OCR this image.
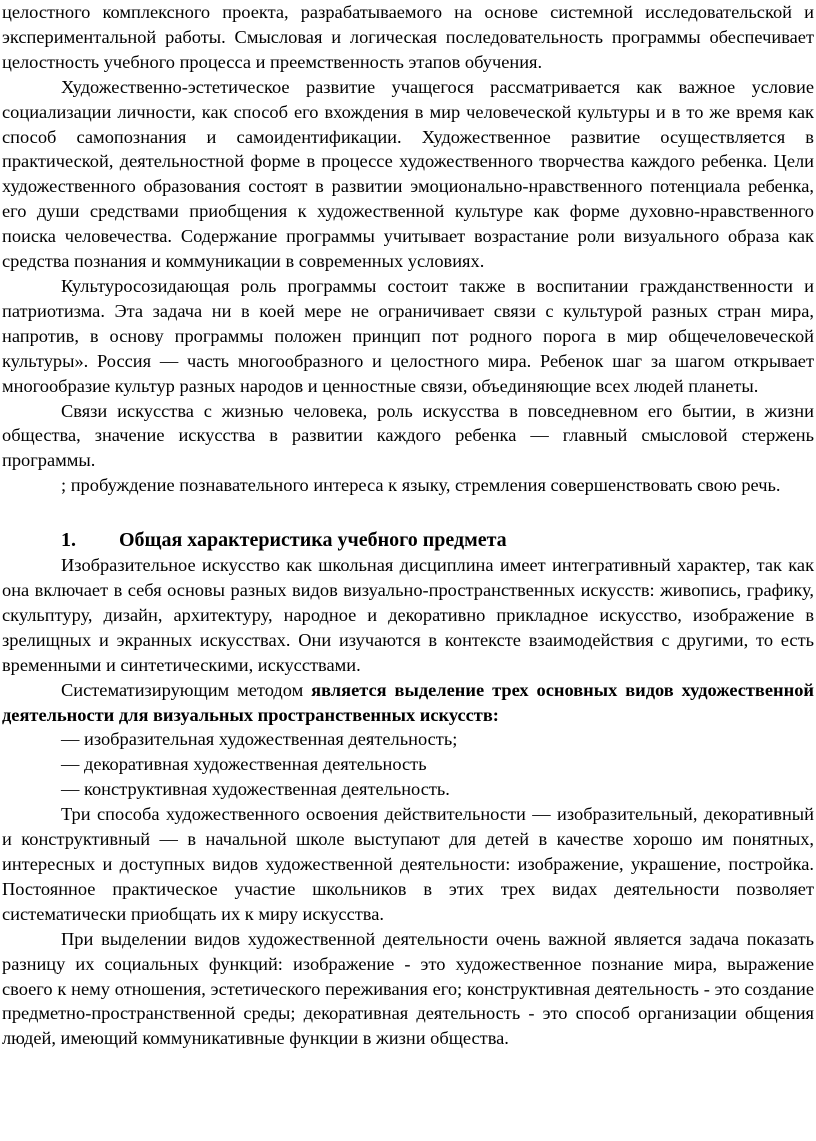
целостного комплексного проекта, разрабатываемого на основе системной исследовательской и экспериментальной работы. Смысловая и логическая последовательность программы обеспечивает целостность учебного процесса и преемственность этапов обучения.

Художественно-эстетическое развитие учащегося рассматривается как важное условие социализации личности, как способ его вхождения в мир человеческой культуры и в то же время как способ самопознания и самоидентификации. Художественное развитие осуществляется в практической, деятельностной форме в процессе художественного творчества каждого ребенка. Цели художественного образования состоят в развитии эмоционально-нравственного потенциала ребенка, его души средствами приобщения к художественной культуре как форме духовно-нравственного поиска человечества. Содержание программы учитывает возрастание роли визуального образа как средства познания и коммуникации в современных условиях.

Культуросозидающая роль программы состоит также в воспитании гражданственности и патриотизма. Эта задача ни в коей мере не ограничивает связи с культурой разных стран мира, напротив, в основу программы положен принцип пот родного порога в мир общечеловеческой культуры». Россия — часть многообразного и целостного мира. Ребенок шаг за шагом открывает многообразие культур разных народов и ценностные связи, объединяющие всех людей планеты.

Связи искусства с жизнью человека, роль искусства в повседневном его бытии, в жизни общества, значение искусства в развитии каждого ребенка — главный смысловой стержень программы.

; пробуждение познавательного интереса к языку, стремления совершенствовать свою речь.

1. Общая характеристика учебного предмета

Изобразительное искусство как школьная дисциплина имеет интегративный характер, так как она включает в себя основы разных видов визуально-пространственных искусств: живопись, графику, скульптуру, дизайн, архитектуру, народное и декоративно прикладное искусство, изображение в зрелищных и экранных искусствах. Они изучаются в контексте взаимодействия с другими, то есть временными и синтетическими, искусствами.

Систематизирующим методом является выделение трех основных видов художественной деятельности для визуальных пространственных искусств:

— изобразительная художественная деятельность;

— декоративная художественная деятельность

— конструктивная художественная деятельность.

Три способа художественного освоения действительности — изобразительный, декоративный и конструктивный — в начальной школе выступают для детей в качестве хорошо им понятных, интересных и доступных видов художественной деятельности: изображение, украшение, постройка. Постоянное практическое участие школьников в этих трех видах деятельности позволяет систематически приобщать их к миру искусства.

При выделении видов художественной деятельности очень важной является задача показать разницу их социальных функций: изображение - это художественное познание мира, выражение своего к нему отношения, эстетического переживания его; конструктивная деятельность - это создание предметно-пространственной среды; декоративная деятельность - это способ организации общения людей, имеющий коммуникативные функции в жизни общества.
